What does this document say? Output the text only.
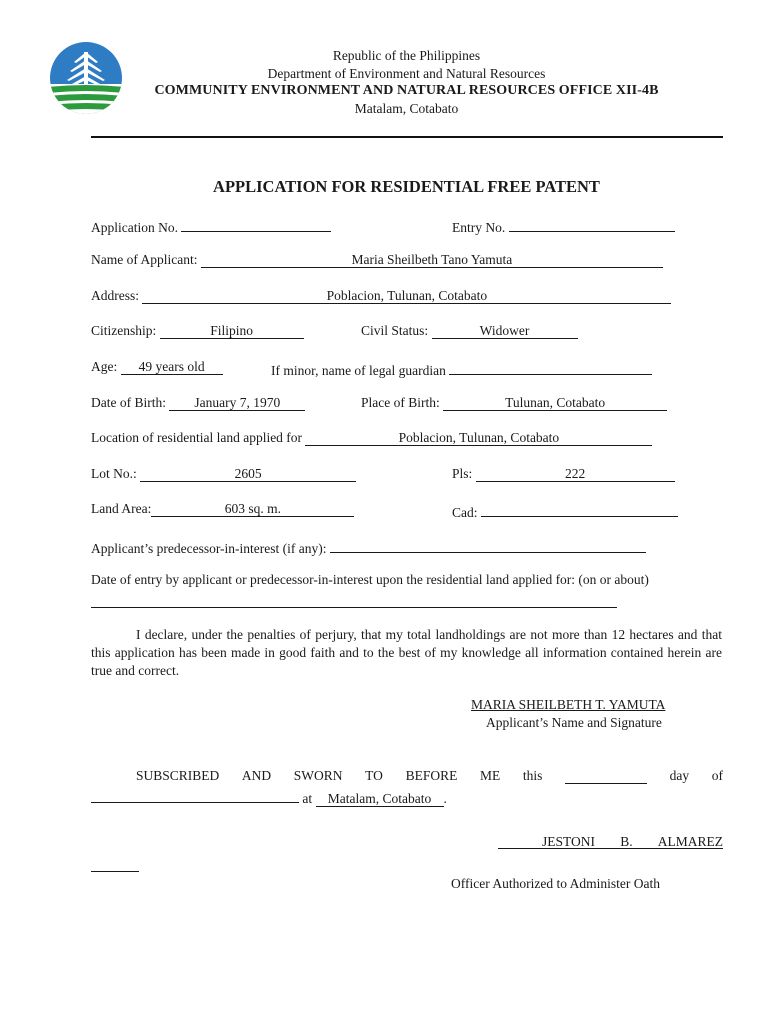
Republic of the Philippines
Department of Environment and Natural Resources
COMMUNITY ENVIRONMENT AND NATURAL RESOURCES OFFICE XII-4B
Matalam, Cotabato
APPLICATION FOR RESIDENTIAL FREE PATENT
Application No.	Entry No.
Name of Applicant:	Maria Sheilbeth Tano Yamuta
Address:	Poblacion, Tulunan, Cotabato
Citizenship:	Filipino	Civil Status:	Widower
Age: 49 years old	If minor, name of legal guardian
Date of Birth: January 7, 1970	Place of Birth:	Tulunan, Cotabato
Location of residential land applied for	Poblacion, Tulunan, Cotabato
Lot No.:	2605	Pls:	222
Land Area:	603 sq. m.	Cad:
Applicant’s predecessor-in-interest (if any):
Date of entry by applicant or predecessor-in-interest upon the residential land applied for: (on or about)
I declare, under the penalties of perjury, that my total landholdings are not more than 12 hectares and that this application has been made in good faith and to the best of my knowledge all information contained herein are true and correct.
MARIA SHEILBETH T. YAMUTA
Applicant’s Name and Signature
SUBSCRIBED AND SWORN TO BEFORE ME this	day of
at Matalam, Cotabato .
JESTONI B. ALMAREZ
Officer Authorized to Administer Oath
